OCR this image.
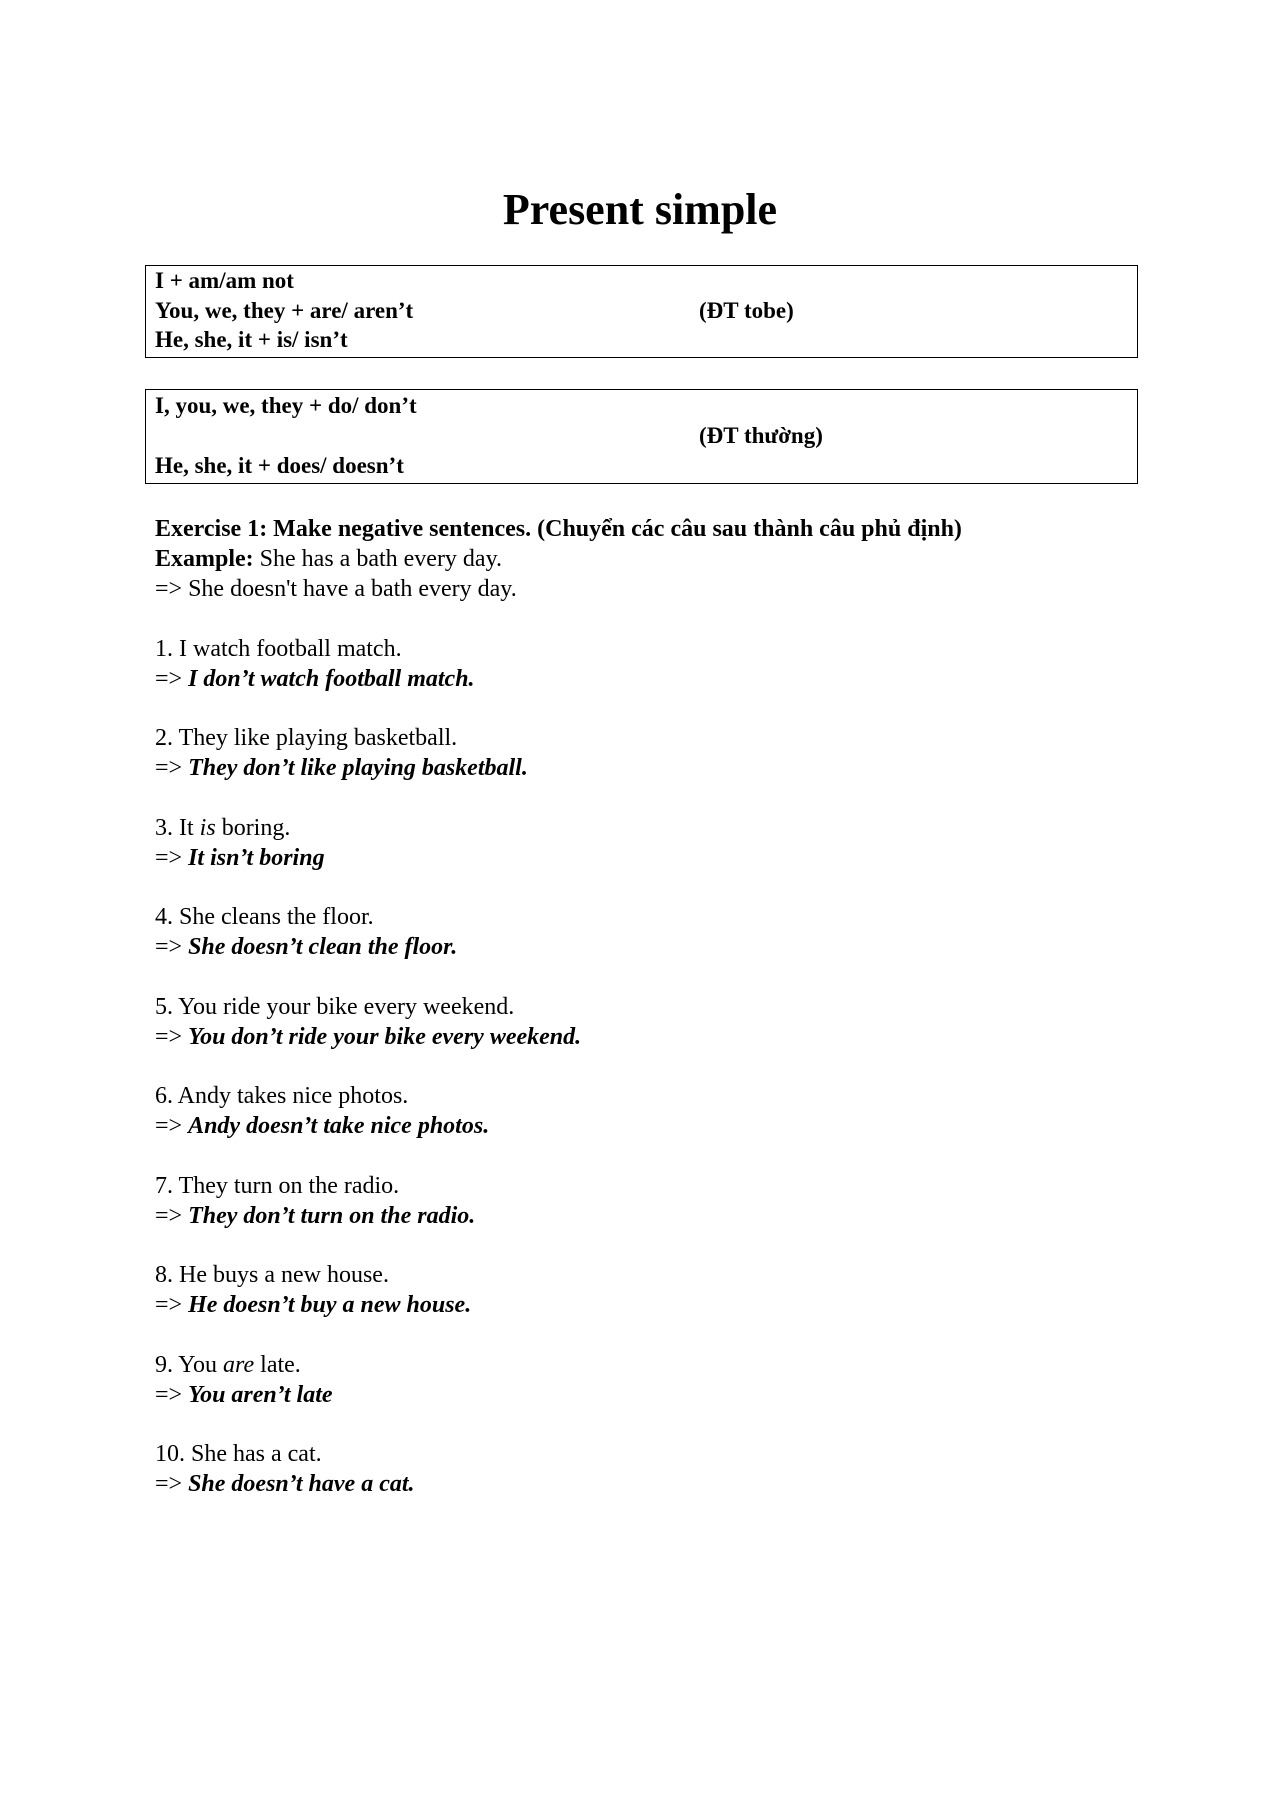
Present simple
I + am/am not
You, we, they + are/ aren’t
He, she, it + is/ isn’t
(ĐT tobe)
I, you, we, they + do/ don’t
(ĐT thường)
He, she, it + does/ doesn’t
Exercise 1: Make negative sentences. (Chuyển các câu sau thành câu phủ định)
Example: She has a bath every day.
=> She doesn't have a bath every day.
1. I watch football match.
=> I don’t watch football match.
2. They like playing basketball.
=> They don’t like playing basketball.
3. It is boring.
=> It isn’t boring
4. She cleans the floor.
=> She doesn’t clean the floor.
5. You ride your bike every weekend.
=> You don’t ride your bike every weekend.
6. Andy takes nice photos.
=> Andy doesn’t take nice photos.
7. They turn on the radio.
=> They don’t turn on the radio.
8. He buys a new house.
=> He doesn’t buy a new house.
9. You are late.
=> You aren’t late
10. She has a cat.
=> She doesn’t have a cat.
